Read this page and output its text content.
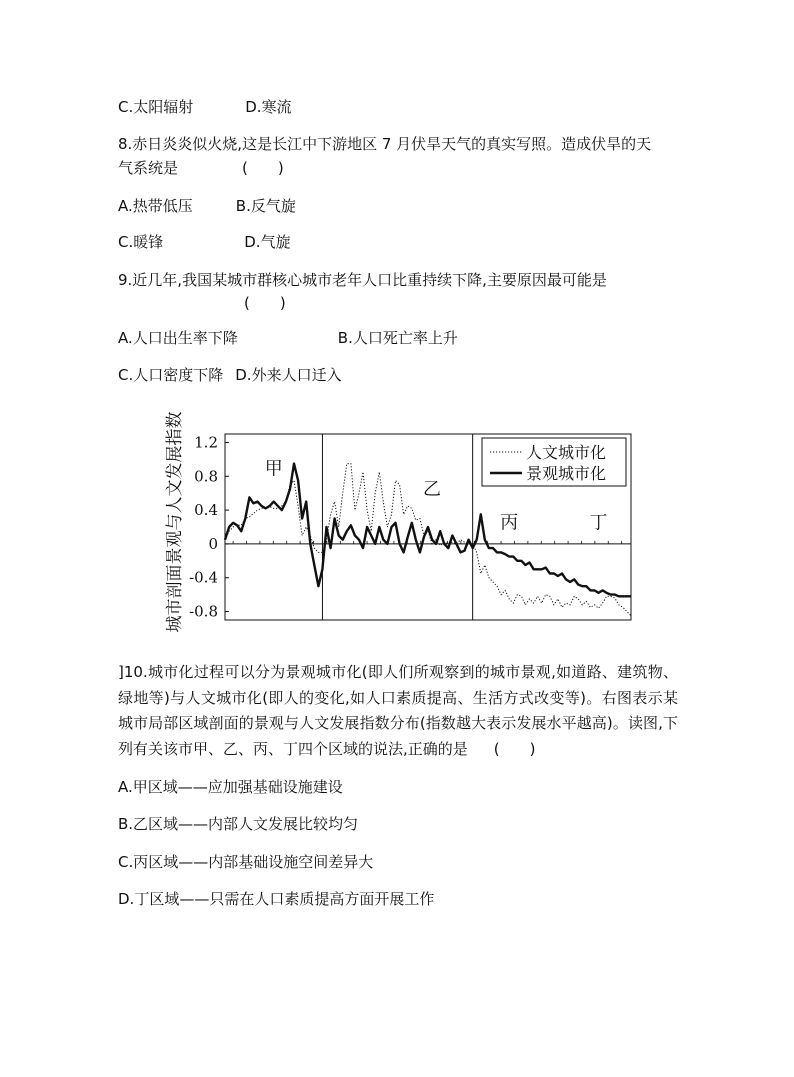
C.太阳辐射	D.寒流
8.赤日炎炎似火烧,这是长江中下游地区 7 月伏旱天气的真实写照。造成伏旱的天
气系统是	(　　)
A.热带低压	B.反气旋
C.暖锋	D.气旋
9.近几年,我国某城市群核心城市老年人口比重持续下降,主要原因最可能是
(　　)
A.人口出生率下降	B.人口死亡率上升
C.人口密度下降 D.外来人口迁入
城市剖面景观与人文发展指数 1.2
0.8
0.4
0
-0.4
-0.8
甲
乙
丙	丁
人文城市化
景观城市化
]10.城市化过程可以分为景观城市化(即人们所观察到的城市景观,如道路、建筑物、绿地等)与人文城市化(即人的变化,如人口素质提高、生活方式改变等)。右图表示某城市局部区域剖面的景观与人文发展指数分布(指数越大表示发展水平越高)。读图,下列有关该市甲、乙、丙、丁四个区域的说法,正确的是 (　　)
A.甲区域——应加强基础设施建设
B.乙区域——内部人文发展比较均匀
C.丙区域——内部基础设施空间差异大
D.丁区域——只需在人口素质提高方面开展工作
